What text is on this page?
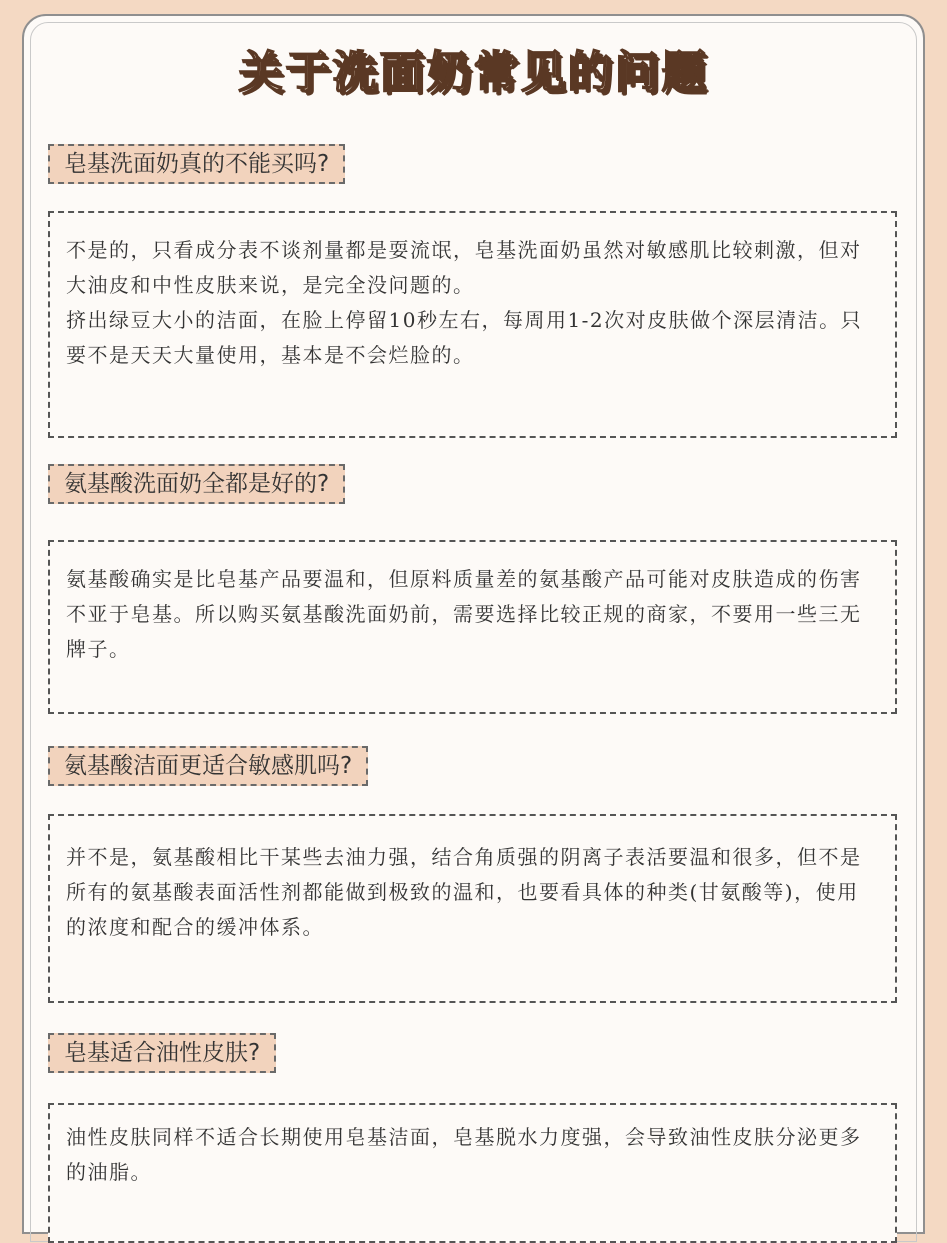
关于洗面奶常见的问题
皂基洗面奶真的不能买吗?

不是的，只看成分表不谈剂量都是耍流氓，皂基洗面奶虽然对敏感肌比较刺激，但对大油皮和中性皮肤来说，是完全没问题的。

挤出绿豆大小的洁面，在脸上停留10秒左右，每周用1-2次对皮肤做个深层清洁。只要不是天天大量使用，基本是不会烂脸的。

氨基酸洗面奶全都是好的?

氨基酸确实是比皂基产品要温和，但原料质量差的氨基酸产品可能对皮肤造成的伤害不亚于皂基。所以购买氨基酸洗面奶前，需要选择比较正规的商家，不要用一些三无牌子。

氨基酸洁面更适合敏感肌吗?

并不是，氨基酸相比干某些去油力强，结合角质强的阴离子表活要温和很多，但不是所有的氨基酸表面活性剂都能做到极致的温和，也要看具体的种类(甘氨酸等)，使用的浓度和配合的缓冲体系。

皂基适合油性皮肤?

油性皮肤同样不适合长期使用皂基洁面，皂基脱水力度强，会导致油性皮肤分泌更多的油脂。
